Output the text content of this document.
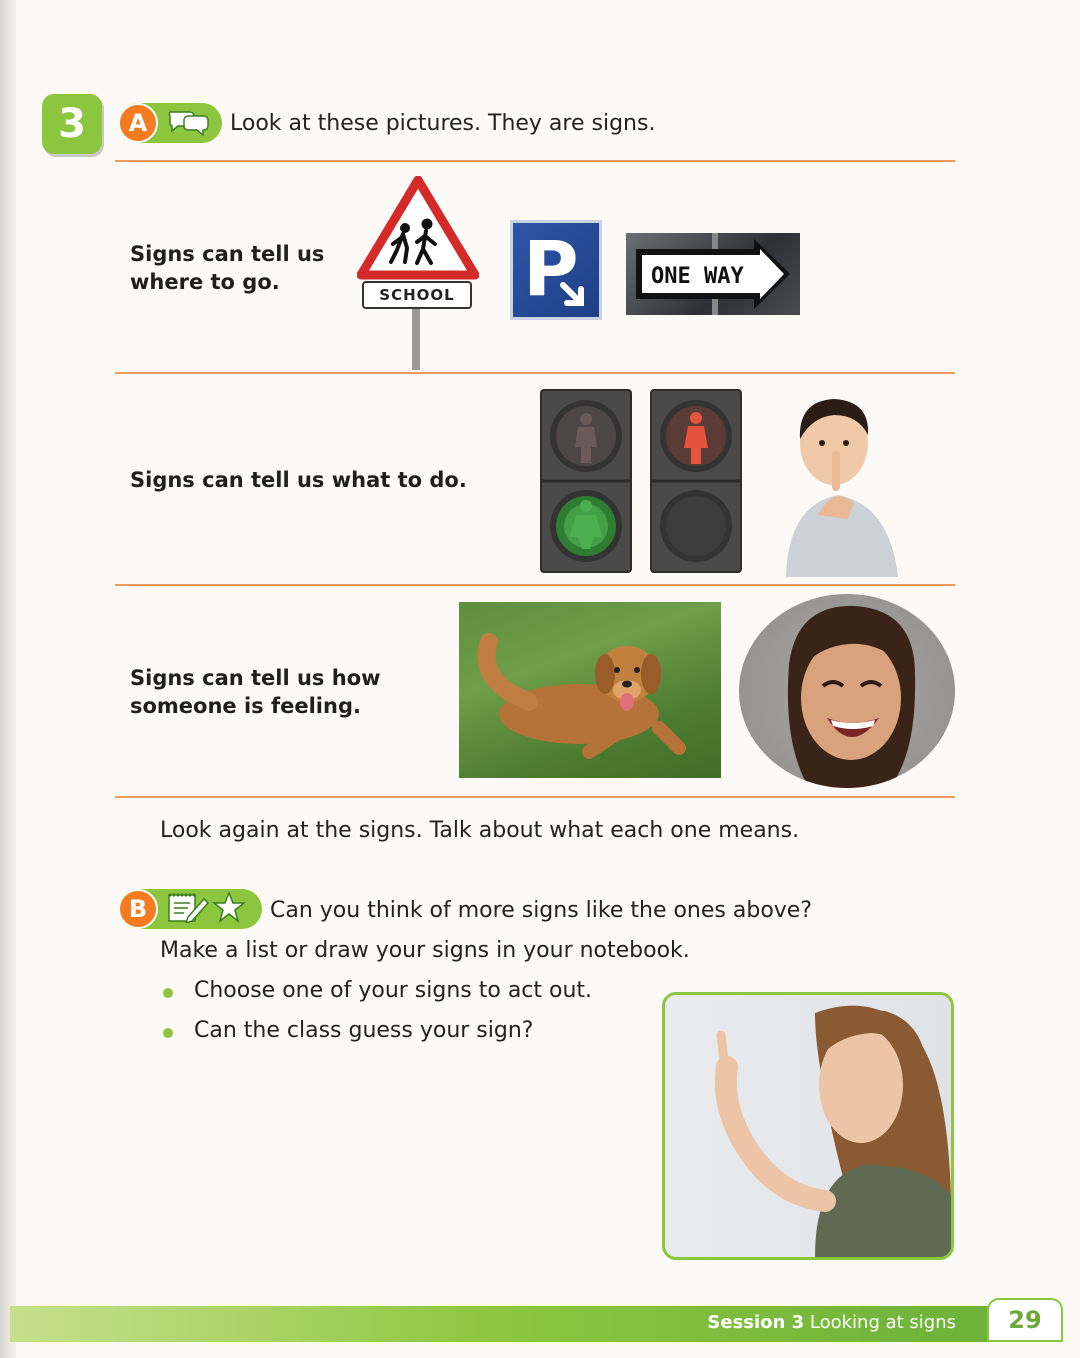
3	A	Look at these pictures. They are signs.
Signs can tell us where to go.
SCHOOL P	ONE WAY
Signs can tell us what to do.
Signs can tell us how someone is feeling.
Look again at the signs. Talk about what each one means.
B	Can you think of more signs like the ones above?
Make a list or draw your signs in your notebook.
Choose one of your signs to act out.
Can the class guess your sign?
Session 3 Looking at signs	29
